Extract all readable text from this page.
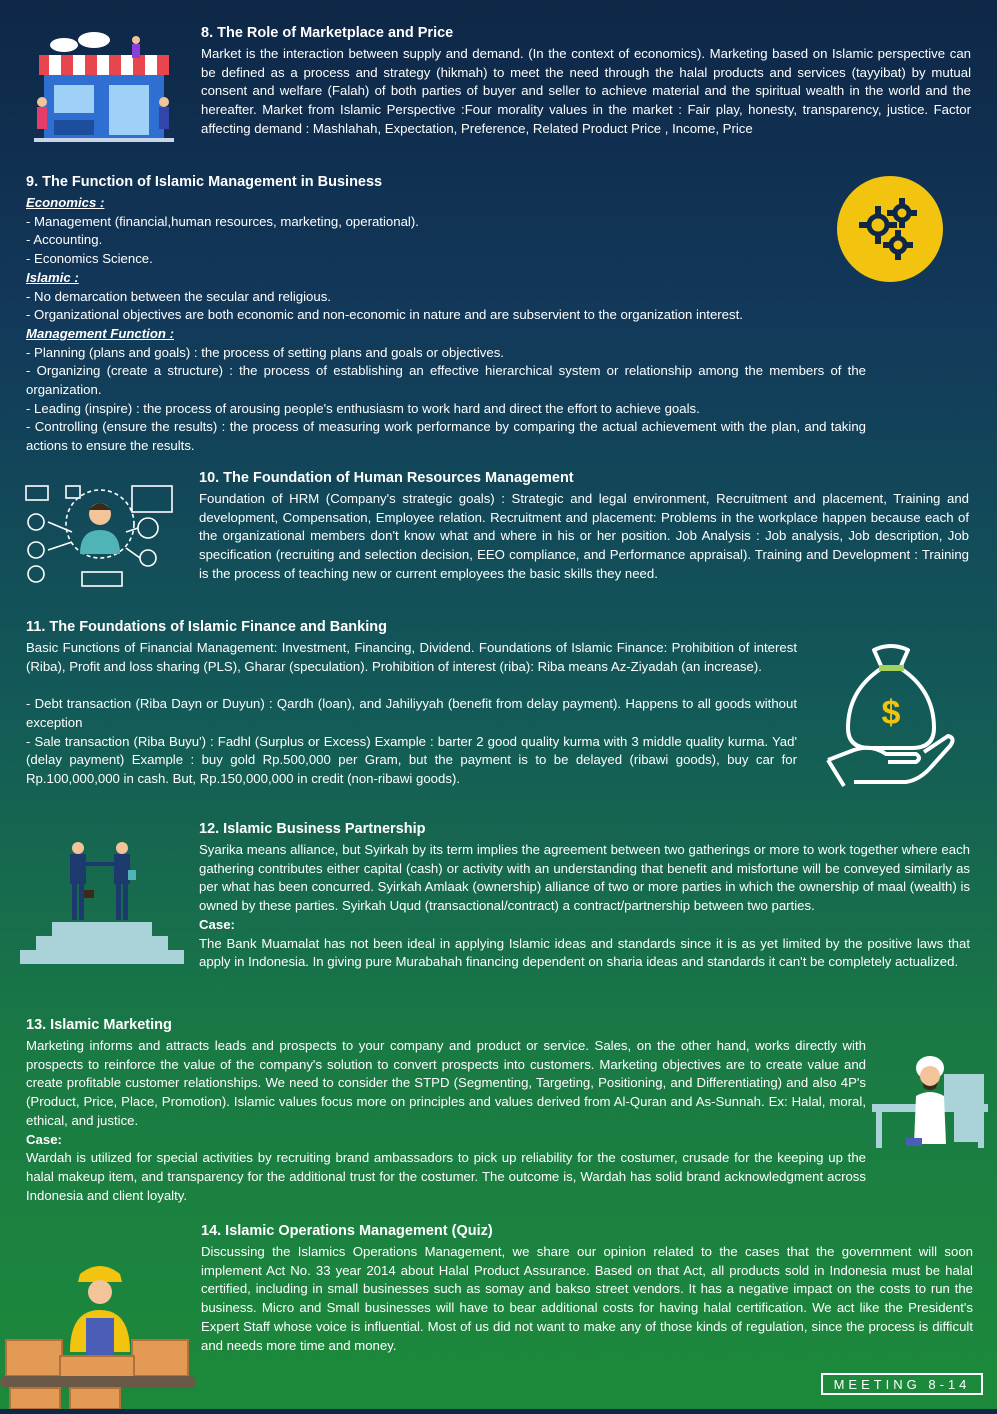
8. The Role of Marketplace and Price

Market is the interaction between supply and demand. (In the context of economics). Marketing based on Islamic perspective can be defined as a process and strategy (hikmah) to meet the need through the halal products and services (tayyibat) by mutual consent and welfare (Falah) of both parties of buyer and seller to achieve material and the spiritual wealth in the world and the hereafter. Market from Islamic Perspective :Four morality values in the market : Fair play, honesty, transparency, justice. Factor affecting demand : Mashlahah, Expectation, Preference, Related Product Price , Income, Price

9. The Function of Islamic Management in Business

Economics :

- Management (financial,human resources, marketing, operational).

- Accounting.

- Economics Science.

Islamic :

- No demarcation between the secular and religious.

- Organizational objectives are both economic and non-economic in nature and are subservient to the organization interest.

Management Function :

- Planning (plans and goals) : the process of setting plans and goals or objectives.

- Organizing (create a structure) : the process of establishing an effective hierarchical system or relationship among the members of the organization.

- Leading (inspire) : the process of arousing people's enthusiasm to work hard and direct the effort to achieve goals.

- Controlling (ensure the results) : the process of measuring work performance by comparing the actual achievement with the plan, and taking actions to ensure the results.

10. The Foundation of Human Resources Management

Foundation of HRM (Company's strategic goals) : Strategic and legal environment, Recruitment and placement, Training and development, Compensation, Employee relation. Recruitment and placement: Problems in the workplace happen because each of the organizational members don't know what and where in his or her position. Job Analysis : Job analysis, Job description, Job specification (recruiting and selection decision, EEO compliance, and Performance appraisal). Training and Development : Training is the process of teaching new or current employees the basic skills they need.

$
11. The Foundations of Islamic Finance and Banking

Basic Functions of Financial Management: Investment, Financing, Dividend. Foundations of Islamic Finance: Prohibition of interest (Riba), Profit and loss sharing (PLS), Gharar (speculation). Prohibition of interest (riba): Riba means Az-Ziyadah (an increase).

- Debt transaction (Riba Dayn or Duyun) : Qardh (loan), and Jahiliyyah (benefit from delay payment). Happens to all goods without exception

- Sale transaction (Riba Buyu') : Fadhl (Surplus or Excess) Example : barter 2 good quality kurma with 3 middle quality kurma. Yad' (delay payment) Example : buy gold Rp.500,000 per Gram, but the payment is to be delayed (ribawi goods), buy car for Rp.100,000,000 in cash. But, Rp.150,000,000 in credit (non-ribawi goods).

12. Islamic Business Partnership

Syarika means alliance, but Syirkah by its term implies the agreement between two gatherings or more to work together where each gathering contributes either capital (cash) or activity with an understanding that benefit and misfortune will be conveyed similarly as per what has been concurred. Syirkah Amlaak (ownership) alliance of two or more parties in which the ownership of maal (wealth) is owned by these parties. Syirkah Uqud (transactional/contract) a contract/partnership between two parties.

Case:

The Bank Muamalat has not been ideal in applying Islamic ideas and standards since it is as yet limited by the positive laws that apply in Indonesia. In giving pure Murabahah financing dependent on sharia ideas and standards it can't be completely actualized.

13. Islamic Marketing

Marketing informs and attracts leads and prospects to your company and product or service. Sales, on the other hand, works directly with prospects to reinforce the value of the company's solution to convert prospects into customers. Marketing objectives are to create value and create profitable customer relationships. We need to consider the STPD (Segmenting, Targeting, Positioning, and Differentiating) and also 4P's (Product, Price, Place, Promotion). Islamic values focus more on principles and values derived from Al-Quran and As-Sunnah. Ex: Halal, moral, ethical, and justice.

Case:

Wardah is utilized for special activities by recruiting brand ambassadors to pick up reliability for the costumer, crusade for the keeping up the halal makeup item, and transparency for the additional trust for the costumer. The outcome is, Wardah has solid brand acknowledgment across Indonesia and client loyalty.

14. Islamic Operations Management (Quiz)

Discussing the Islamics Operations Management, we share our opinion related to the cases that the government will soon implement Act No. 33 year 2014 about Halal Product Assurance. Based on that Act, all products sold in Indonesia must be halal certified, including in small businesses such as somay and bakso street vendors. It has a negative impact on the costs to run the business. Micro and Small businesses will have to bear additional costs for having halal certification. We act like the President's Expert Staff whose voice is influential. Most of us did not want to make any of those kinds of regulation, since the process is difficult and needs more time and money.

MEETING 8-14
